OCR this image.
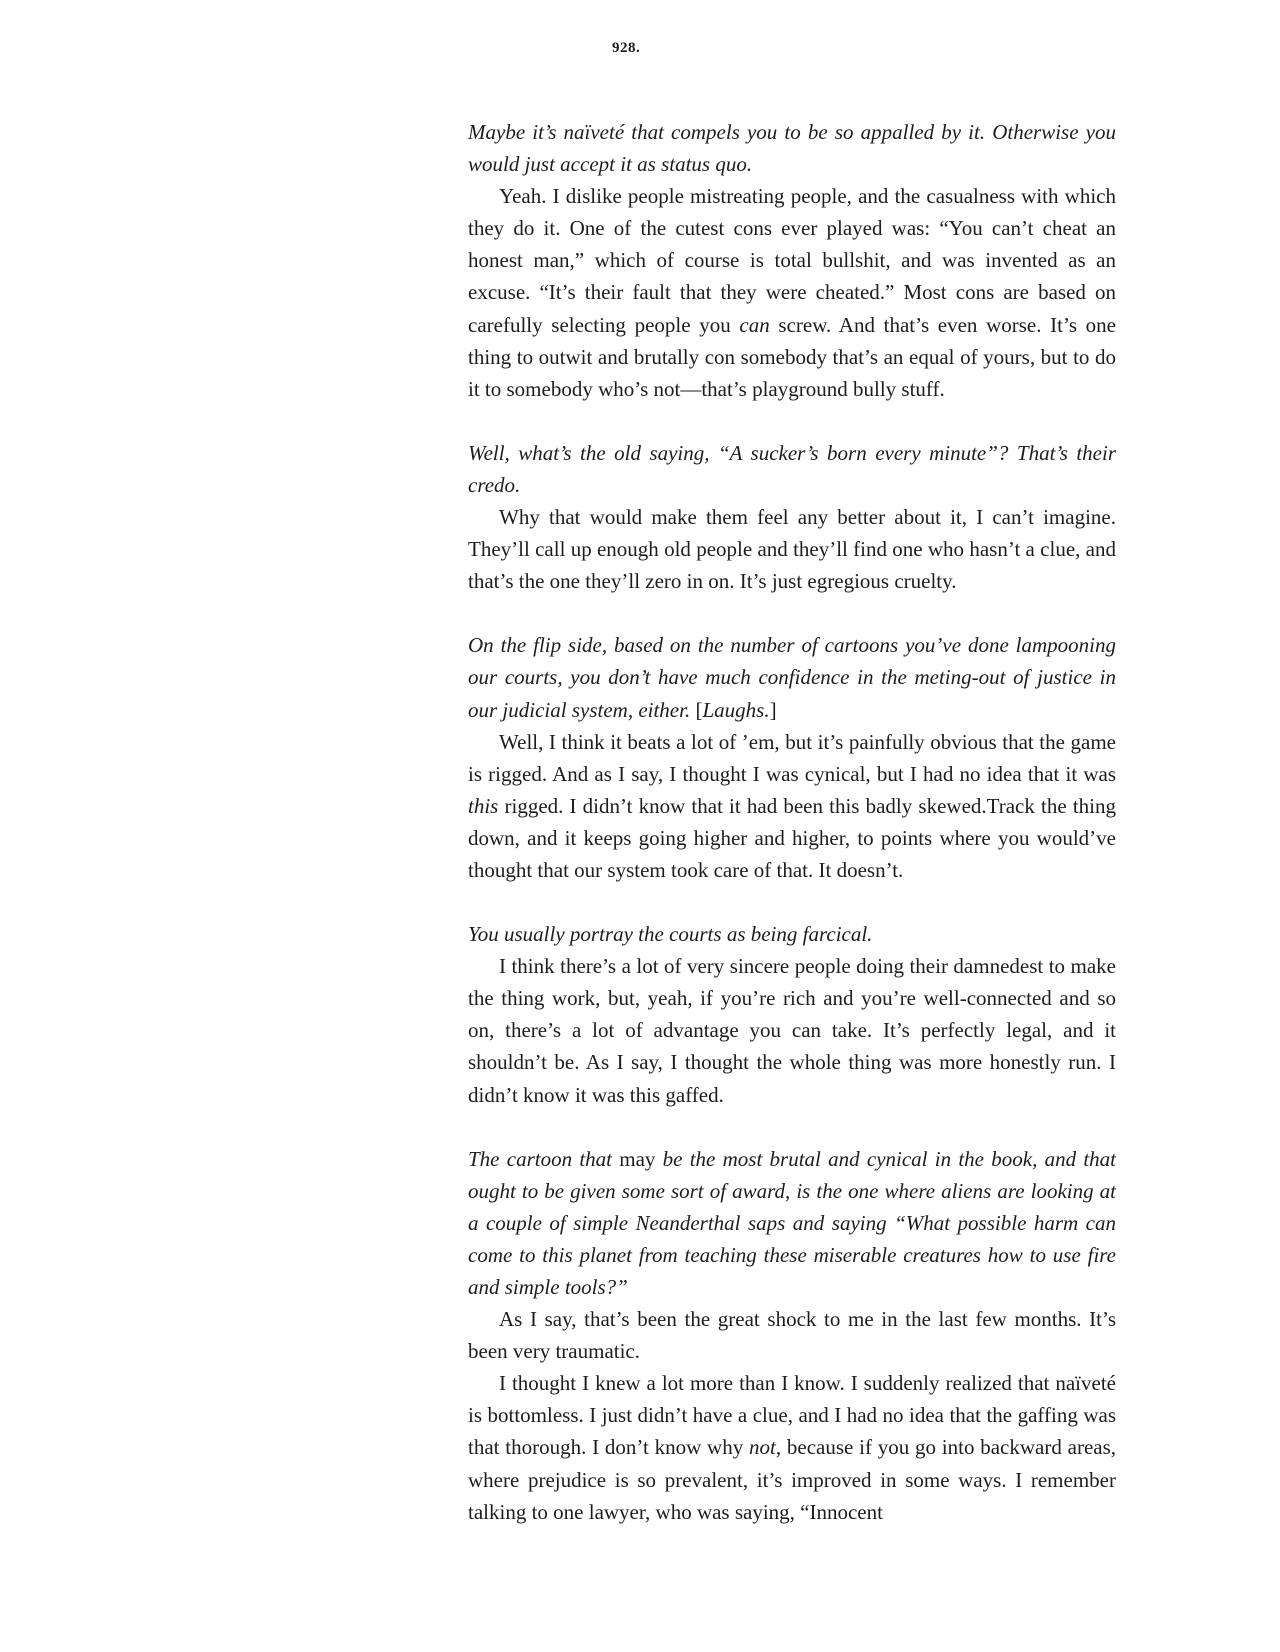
928.

Maybe it’s naïveté that compels you to be so appalled by it. Otherwise you would just accept it as status quo.

Yeah. I dislike people mistreating people, and the casualness with which they do it. One of the cutest cons ever played was: “You can’t cheat an honest man,” which of course is total bullshit, and was invented as an excuse. “It’s their fault that they were cheated.” Most cons are based on carefully selecting people you can screw. And that’s even worse. It’s one thing to outwit and brutally con somebody that’s an equal of yours, but to do it to somebody who’s not—that’s playground bully stuff.

Well, what’s the old saying, “A sucker’s born every minute”? That’s their credo.

Why that would make them feel any better about it, I can’t imagine. They’ll call up enough old people and they’ll find one who hasn’t a clue, and that’s the one they’ll zero in on. It’s just egregious cruelty.

On the flip side, based on the number of cartoons you’ve done lampooning our courts, you don’t have much confidence in the meting-out of justice in our judicial system, either. [Laughs.]

Well, I think it beats a lot of ’em, but it’s painfully obvious that the game is rigged. And as I say, I thought I was cynical, but I had no idea that it was this rigged. I didn’t know that it had been this badly skewed.Track the thing down, and it keeps going higher and higher, to points where you would’ve thought that our system took care of that. It doesn’t.

You usually portray the courts as being farcical.

I think there’s a lot of very sincere people doing their damnedest to make the thing work, but, yeah, if you’re rich and you’re well-connected and so on, there’s a lot of advantage you can take. It’s perfectly legal, and it shouldn’t be. As I say, I thought the whole thing was more honestly run. I didn’t know it was this gaffed.

The cartoon that may be the most brutal and cynical in the book, and that ought to be given some sort of award, is the one where aliens are looking at a couple of simple Neanderthal saps and saying “What possible harm can come to this planet from teaching these miserable creatures how to use fire and simple tools?”

As I say, that’s been the great shock to me in the last few months. It’s been very traumatic.

I thought I knew a lot more than I know. I suddenly realized that naïveté is bottomless. I just didn’t have a clue, and I had no idea that the gaffing was that thorough. I don’t know why not, because if you go into backward areas, where prejudice is so prevalent, it’s improved in some ways. I remember talking to one lawyer, who was saying, “Innocent
